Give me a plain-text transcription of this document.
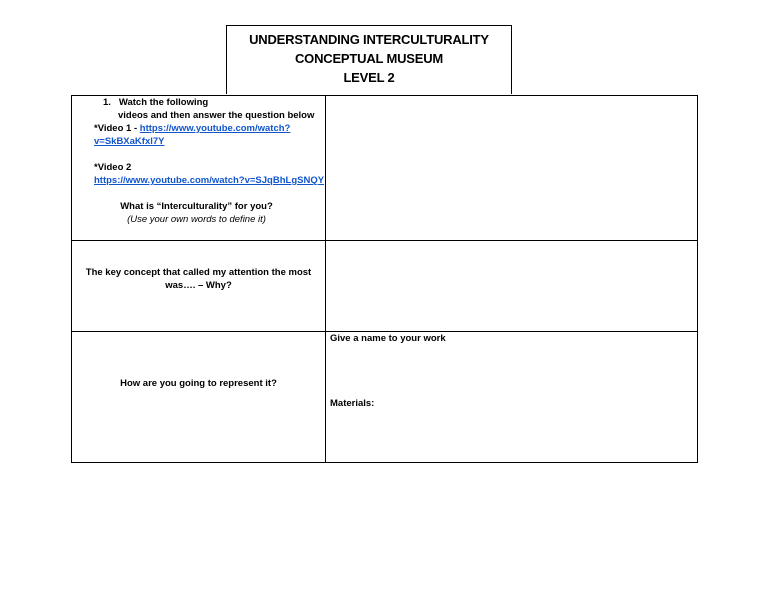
UNDERSTANDING INTERCULTURALITY
CONCEPTUAL MUSEUM
LEVEL 2
1. Watch the following
videos and then answer the question below
*Video 1 - https://www.youtube.com/watch?
v=SkBXaKfxl7Y
*Video 2
https://www.youtube.com/watch?v=SJqBhLgSNQY
What is “Interculturality” for you?
(Use your own words to define it)
The key concept that called my attention the most
was…. – Why?
How are you going to represent it?
Give a name to your work
Materials:
